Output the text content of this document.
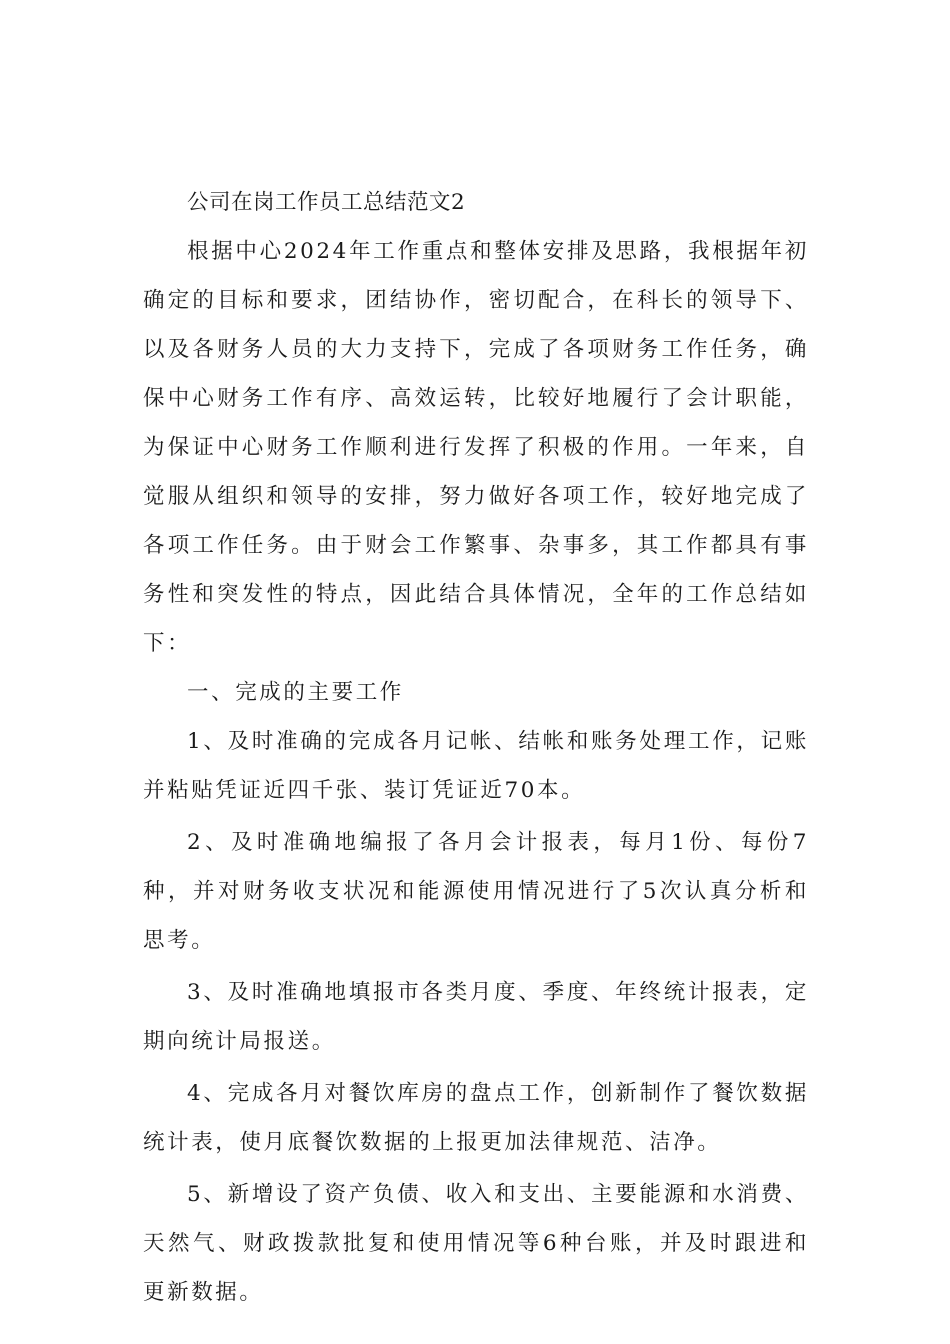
公司在岗工作员工总结范文2

根据中心2024年工作重点和整体安排及思路，我根据年初确定的目标和要求，团结协作，密切配合，在科长的领导下、以及各财务人员的大力支持下，完成了各项财务工作任务，确保中心财务工作有序、高效运转，比较好地履行了会计职能，为保证中心财务工作顺利进行发挥了积极的作用。一年来，自觉服从组织和领导的安排，努力做好各项工作，较好地完成了各项工作任务。由于财会工作繁事、杂事多，其工作都具有事务性和突发性的特点，因此结合具体情况，全年的工作总结如下：

一、完成的主要工作

1、及时准确的完成各月记帐、结帐和账务处理工作，记账并粘贴凭证近四千张、装订凭证近70本。

2、及时准确地编报了各月会计报表，每月1份、每份7种，并对财务收支状况和能源使用情况进行了5次认真分析和思考。

3、及时准确地填报市各类月度、季度、年终统计报表，定期向统计局报送。

4、完成各月对餐饮库房的盘点工作，创新制作了餐饮数据统计表，使月底餐饮数据的上报更加法律规范、洁净。

5、新增设了资产负债、收入和支出、主要能源和水消费、天然气、财政拨款批复和使用情况等6种台账，并及时跟进和更新数据。
